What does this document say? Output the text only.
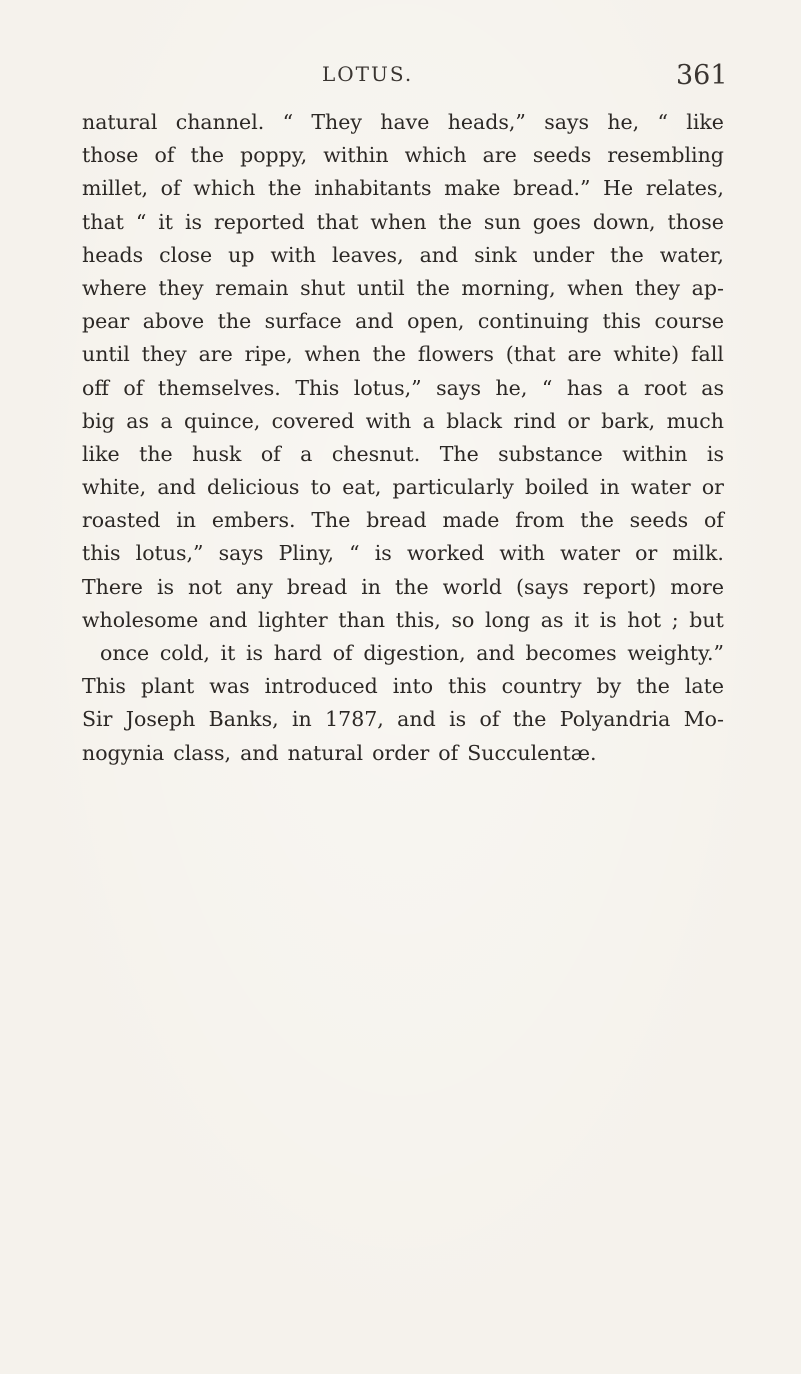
LOTUS.	361
natural channel. “ They have heads,” says he, “ like
those of the poppy, within which are seeds resembling
millet, of which the inhabitants make bread.” He relates,
that “ it is reported that when the sun goes down, those
heads close up with leaves, and sink under the water,
where they remain shut until the morning, when they ap-
pear above the surface and open, continuing this course
until they are ripe, when the flowers (that are white) fall
off of themselves. This lotus,” says he, “ has a root as
big as a quince, covered with a black rind or bark, much
like the husk of a chesnut. The substance within is
white, and delicious to eat, particularly boiled in water or
roasted in embers. The bread made from the seeds of
this lotus,” says Pliny, “ is worked with water or milk.
There is not any bread in the world (says report) more
wholesome and lighter than this, so long as it is hot ; but
once cold, it is hard of digestion, and becomes weighty.”
This plant was introduced into this country by the late
Sir Joseph Banks, in 1787, and is of the Polyandria Mo-
nogynia class, and natural order of Succulentæ.
